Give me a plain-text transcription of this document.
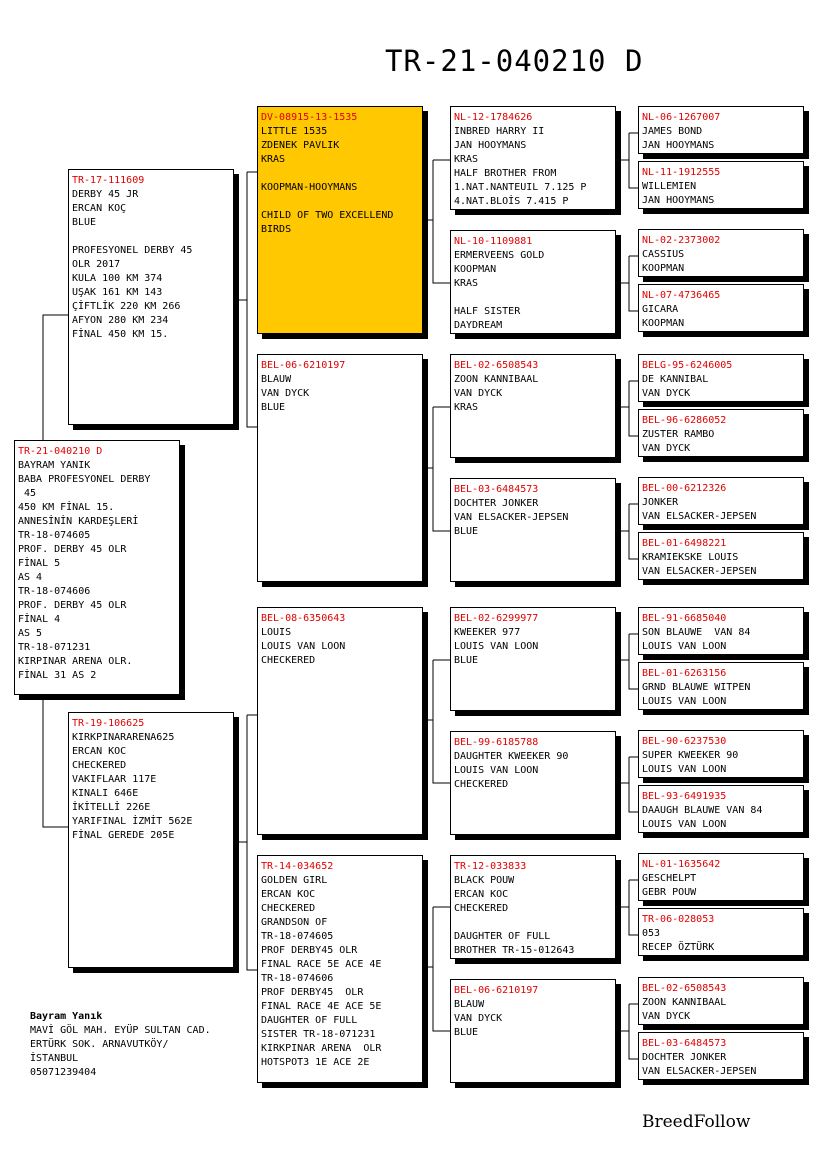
TR-21-040210 D
TR-21-040210 D
BAYRAM YANIK
BABA PROFESYONEL DERBY
45
450 KM FİNAL 15.
ANNESİNİN KARDEŞLERİ
TR-18-074605
PROF. DERBY 45 OLR
FİNAL 5
AS 4
TR-18-074606
PROF. DERBY 45 OLR
FİNAL 4
AS 5
TR-18-071231
KIRPINAR ARENA OLR.
FİNAL 31 AS 2
TR-17-111609
DERBY 45 JR
ERCAN KOÇ
BLUE
PROFESYONEL DERBY 45
OLR 2017
KULA 100 KM 374
UŞAK 161 KM 143
ÇİFTLİK 220 KM 266
AFYON 280 KM 234
FİNAL 450 KM 15.
TR-19-106625
KIRKPINARARENA625
ERCAN KOC
CHECKERED
VAKIFLAAR 117E
KINALI 646E
İKİTELLİ 226E
YARIFINAL İZMİT 562E
FİNAL GEREDE 205E
DV-08915-13-1535
LITTLE 1535
ZDENEK PAVLIK
KRAS
KOOPMAN-HOOYMANS
CHILD OF TWO EXCELLEND
BIRDS
BEL-06-6210197
BLAUW
VAN DYCK
BLUE
BEL-08-6350643
LOUIS
LOUIS VAN LOON
CHECKERED
TR-14-034652
GOLDEN GIRL
ERCAN KOC
CHECKERED
GRANDSON OF
TR-18-074605
PROF DERBY45 OLR
FINAL RACE 5E ACE 4E
TR-18-074606
PROF DERBY45  OLR
FINAL RACE 4E ACE 5E
DAUGHTER OF FULL
SISTER TR-18-071231
KIRKPINAR ARENA  OLR
HOTSPOT3 1E ACE 2E
NL-12-1784626
INBRED HARRY II
JAN HOOYMANS
KRAS
HALF BROTHER FROM
1.NAT.NANTEUIL 7.125 P
4.NAT.BLOİS 7.415 P
NL-10-1109881
ERMERVEENS GOLD
KOOPMAN
KRAS
HALF SISTER
DAYDREAM
BEL-02-6508543
ZOON KANNIBAAL
VAN DYCK
KRAS
BEL-03-6484573
DOCHTER JONKER
VAN ELSACKER-JEPSEN
BLUE
BEL-02-6299977
KWEEKER 977
LOUIS VAN LOON
BLUE
BEL-99-6185788
DAUGHTER KWEEKER 90
LOUIS VAN LOON
CHECKERED
TR-12-033833
BLACK POUW
ERCAN KOC
CHECKERED
DAUGHTER OF FULL
BROTHER TR-15-012643
BEL-06-6210197
BLAUW
VAN DYCK
BLUE
NL-06-1267007
JAMES BOND
JAN HOOYMANS
NL-11-1912555
WILLEMIEN
JAN HOOYMANS
NL-02-2373002
CASSIUS
KOOPMAN
NL-07-4736465
GICARA
KOOPMAN
BELG-95-6246005
DE KANNIBAL
VAN DYCK
BEL-96-6286052
ZUSTER RAMBO
VAN DYCK
BEL-00-6212326
JONKER
VAN ELSACKER-JEPSEN
BEL-01-6498221
KRAMIEKSKE LOUIS
VAN ELSACKER-JEPSEN
BEL-91-6685040
SON BLAUWE  VAN 84
LOUIS VAN LOON
BEL-01-6263156
GRND BLAUWE WITPEN
LOUIS VAN LOON
BEL-90-6237530
SUPER KWEEKER 90
LOUIS VAN LOON
BEL-93-6491935
DAAUGH BLAUWE VAN 84
LOUIS VAN LOON
NL-01-1635642
GESCHELPT
GEBR POUW
TR-06-028053
053
RECEP ÖZTÜRK
BEL-02-6508543
ZOON KANNIBAAL
VAN DYCK
BEL-03-6484573
DOCHTER JONKER
VAN ELSACKER-JEPSEN
Bayram Yanık
MAVİ GÖL MAH. EYÜP SULTAN CAD.
ERTÜRK SOK. ARNAVUTKÖY/
İSTANBUL
05071239404
BreedFollow
